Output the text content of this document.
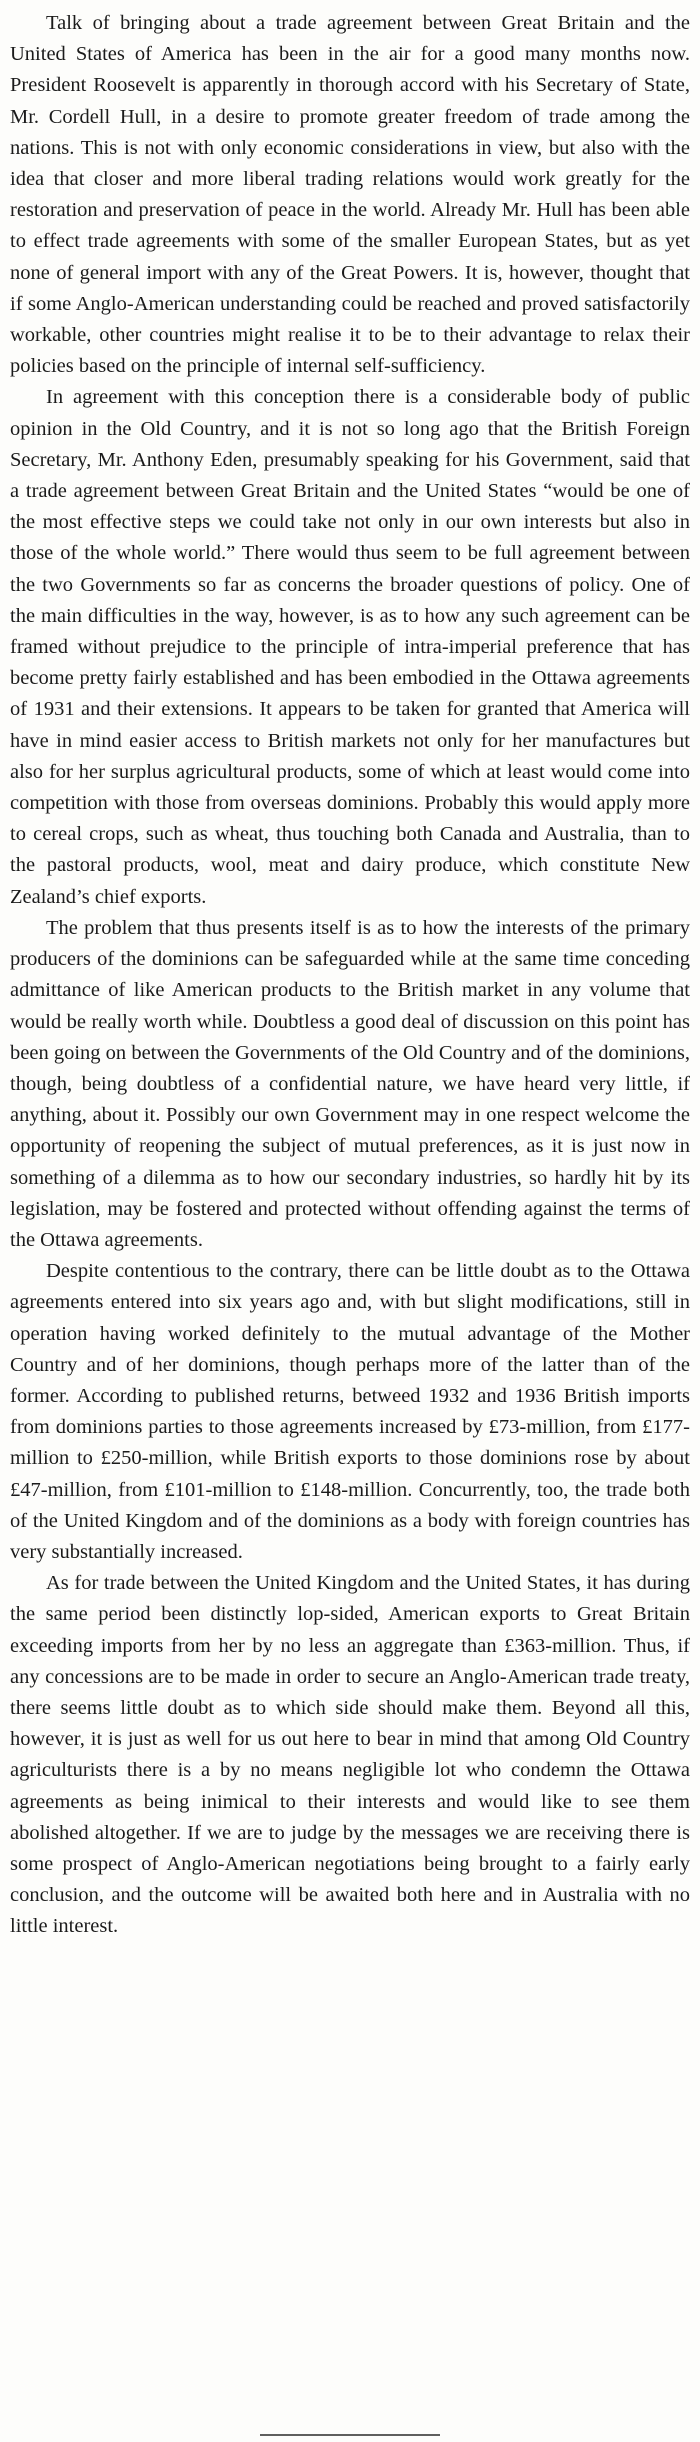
Talk of bringing about a trade agreement between Great Britain and the United States of America has been in the air for a good many months now. President Roosevelt is apparently in thorough accord with his Secretary of State, Mr. Cordell Hull, in a desire to promote greater freedom of trade among the nations. This is not with only economic considerations in view, but also with the idea that closer and more liberal trading relations would work greatly for the restoration and preservation of peace in the world. Already Mr. Hull has been able to effect trade agreements with some of the smaller European States, but as yet none of general import with any of the Great Powers. It is, however, thought that if some Anglo-American understanding could be reached and proved satisfactorily workable, other countries might realise it to be to their advantage to relax their policies based on the principle of internal self-sufficiency.

In agreement with this conception there is a considerable body of public opinion in the Old Country, and it is not so long ago that the British Foreign Secretary, Mr. Anthony Eden, presumably speaking for his Government, said that a trade agreement between Great Britain and the United States “would be one of the most effective steps we could take not only in our own interests but also in those of the whole world.” There would thus seem to be full agreement between the two Governments so far as concerns the broader questions of policy. One of the main difficulties in the way, however, is as to how any such agreement can be framed without prejudice to the principle of intra-imperial preference that has become pretty fairly established and has been embodied in the Ottawa agreements of 1931 and their extensions. It appears to be taken for granted that America will have in mind easier access to British markets not only for her manufactures but also for her surplus agricultural products, some of which at least would come into competition with those from overseas dominions. Probably this would apply more to cereal crops, such as wheat, thus touching both Canada and Australia, than to the pastoral products, wool, meat and dairy produce, which constitute New Zealand’s chief exports.

The problem that thus presents itself is as to how the interests of the primary producers of the dominions can be safeguarded while at the same time conceding admittance of like American products to the British market in any volume that would be really worth while. Doubtless a good deal of discussion on this point has been going on between the Governments of the Old Country and of the dominions, though, being doubtless of a confidential nature, we have heard very little, if anything, about it. Possibly our own Government may in one respect welcome the opportunity of reopening the subject of mutual preferences, as it is just now in something of a dilemma as to how our secondary industries, so hardly hit by its legislation, may be fostered and protected without offending against the terms of the Ottawa agreements.

Despite contentious to the contrary, there can be little doubt as to the Ottawa agreements entered into six years ago and, with but slight modifications, still in operation having worked definitely to the mutual advantage of the Mother Country and of her dominions, though perhaps more of the latter than of the former. According to published returns, betweed 1932 and 1936 British imports from dominions parties to those agreements increased by £73-million, from £177-million to £250-million, while British exports to those dominions rose by about £47-million, from £101-million to £148-million. Concurrently, too, the trade both of the United Kingdom and of the dominions as a body with foreign countries has very substantially increased.

As for trade between the United Kingdom and the United States, it has during the same period been distinctly lop-sided, American exports to Great Britain exceeding imports from her by no less an aggregate than £363-million. Thus, if any concessions are to be made in order to secure an Anglo-American trade treaty, there seems little doubt as to which side should make them. Beyond all this, however, it is just as well for us out here to bear in mind that among Old Country agriculturists there is a by no means negligible lot who condemn the Ottawa agreements as being inimical to their interests and would like to see them abolished altogether. If we are to judge by the messages we are receiving there is some prospect of Anglo-American negotiations being brought to a fairly early conclusion, and the outcome will be awaited both here and in Australia with no little interest.
